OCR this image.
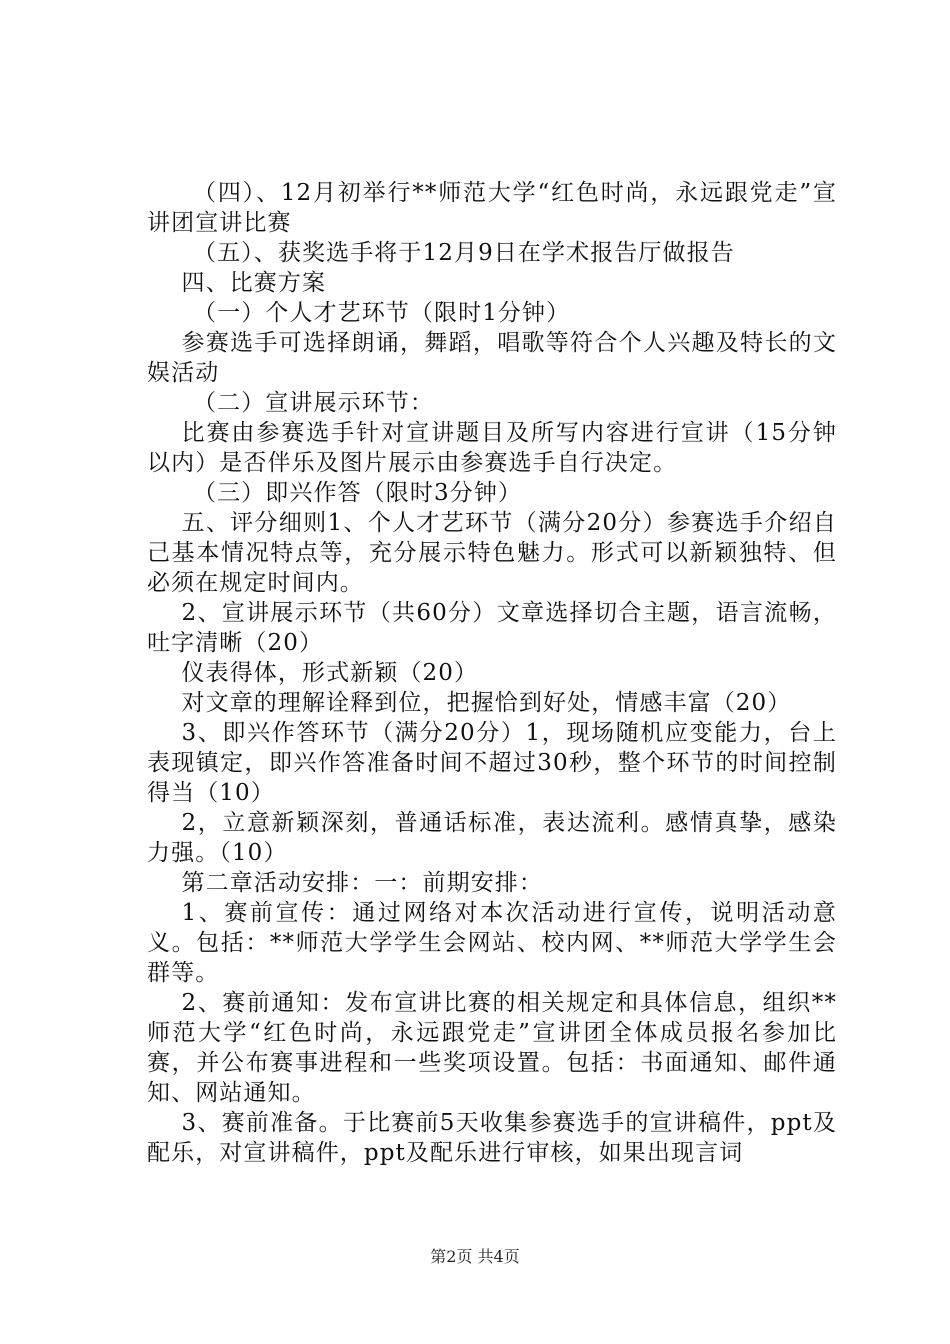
（四）、12月初举行**师范大学“红色时尚，永远跟党走”宣讲团宣讲比赛

（五）、获奖选手将于12月9日在学术报告厅做报告

四、比赛方案

（一）个人才艺环节（限时1分钟）

参赛选手可选择朗诵，舞蹈，唱歌等符合个人兴趣及特长的文娱活动

（二）宣讲展示环节：

比赛由参赛选手针对宣讲题目及所写内容进行宣讲（15分钟以内）是否伴乐及图片展示由参赛选手自行决定。

（三）即兴作答（限时3分钟）

五、评分细则1、个人才艺环节（满分20分）参赛选手介绍自己基本情况特点等，充分展示特色魅力。形式可以新颖独特、但必须在规定时间内。

2、宣讲展示环节（共60分）文章选择切合主题，语言流畅，吐字清晰（20）

仪表得体，形式新颖（20）

对文章的理解诠释到位，把握恰到好处，情感丰富（20）

3、即兴作答环节（满分20分）1，现场随机应变能力，台上表现镇定，即兴作答准备时间不超过30秒，整个环节的时间控制得当（10）

2，立意新颖深刻，普通话标准，表达流利。感情真挚，感染力强。（10）

第二章活动安排：一：前期安排：

1、赛前宣传：通过网络对本次活动进行宣传，说明活动意义。包括：**师范大学学生会网站、校内网、**师范大学学生会群等。

2、赛前通知：发布宣讲比赛的相关规定和具体信息，组织**师范大学“红色时尚，永远跟党走”宣讲团全体成员报名参加比赛，并公布赛事进程和一些奖项设置。包括：书面通知、邮件通知、网站通知。

3、赛前准备。于比赛前5天收集参赛选手的宣讲稿件，ppt及配乐，对宣讲稿件，ppt及配乐进行审核，如果出现言词

第2页 共4页
